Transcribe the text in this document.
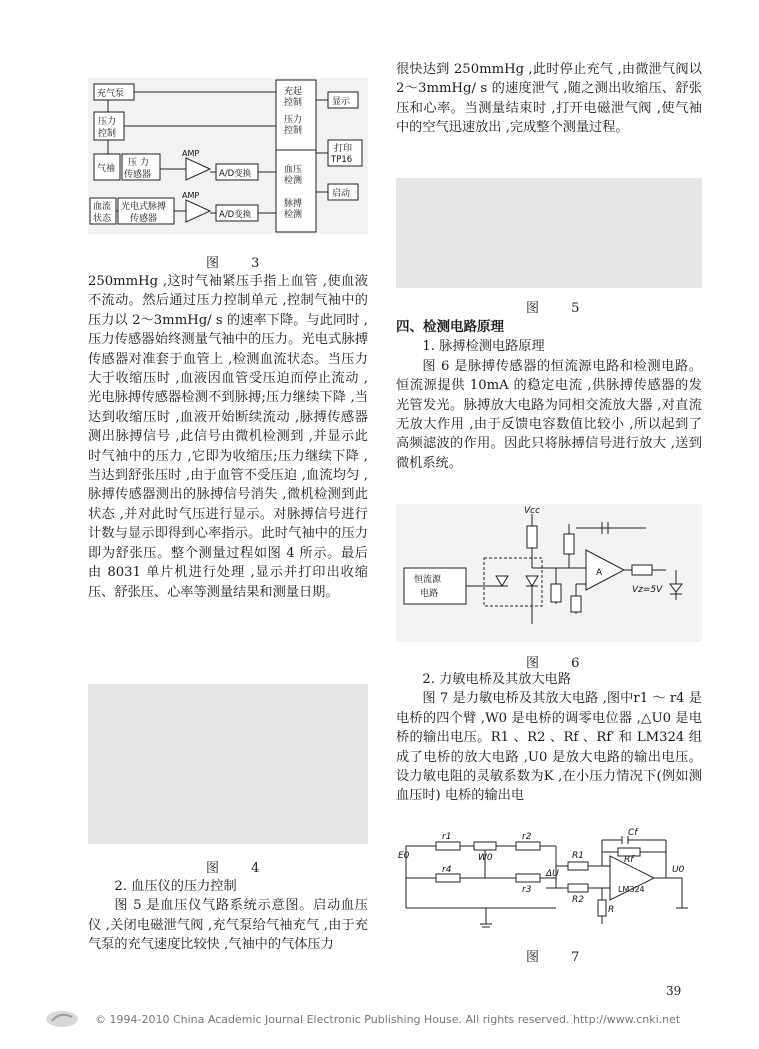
充气泵
压力
控制
气袖
压 力
传感器
AMP
A/D变换
血流
状态
光电式脉搏
传感器
AMP
A/D变换
充起
控制
压力
控制
血压
检测
脉搏
检测
显示
打印
TP16
启动
图 3

250mmHg ,这时气袖紧压手指上血管 ,使血液不流动。然后通过压力控制单元 ,控制气袖中的压力以 2～3mmHg/ s 的速率下降。与此同时 ,压力传感器始终测量气袖中的压力。光电式脉搏传感器对准套于血管上 ,检测血流状态。当压力大于收缩压时 ,血液因血管受压迫而停止流动 ,光电脉搏传感器检测不到脉搏;压力继续下降 ,当达到收缩压时 ,血液开始断续流动 ,脉搏传感器测出脉搏信号 ,此信号由微机检测到 ,并显示此时气袖中的压力 ,它即为收缩压;压力继续下降 ,当达到舒张压时 ,由于血管不受压迫 ,血流均匀 ,脉搏传感器测出的脉搏信号消失 ,微机检测到此状态 ,并对此时气压进行显示。对脉搏信号进行计数与显示即得到心率指示。此时气袖中的压力即为舒张压。整个测量过程如图 4 所示。最后由 8031 单片机进行处理 ,显示并打印出收缩压、舒张压、心率等测量结果和测量日期。

图 4

2. 血压仪的压力控制

图 5 是血压仪气路系统示意图。启动血压仪 ,关闭电磁泄气阀 ,充气泵给气袖充气 ,由于充气泵的充气速度比较快 ,气袖中的气体压力

很快达到 250mmHg ,此时停止充气 ,由微泄气阀以 2～3mmHg/ s 的速度泄气 ,随之测出收缩压、舒张压和心率。当测量结束时 ,打开电磁泄气阀 ,使气袖中的空气迅速放出 ,完成整个测量过程。

图 5

四、检测电路原理

1. 脉搏检测电路原理

图 6 是脉搏传感器的恒流源电路和检测电路。恒流源提供 10mA 的稳定电流 ,供脉搏传感器的发光管发光。脉搏放大电路为同相交流放大器 ,对直流无放大作用 ,由于反馈电容数值比较小 ,所以起到了高频滤波的作用。因此只将脉搏信号进行放大 ,送到微机系统。

Vcc
恒流源
电路
A
Vz=5V
图 6

2. 力敏电桥及其放大电路

图 7 是力敏电桥及其放大电路 ,图中r1 ～ r4 是电桥的四个臂 ,W0 是电桥的调零电位器 ,△U0 是电桥的输出电压。R1 、R2 、Rf 、Rf′ 和 LM324 组成了电桥的放大电路 ,U0 是放大电路的输出电压。设力敏电阻的灵敏系数为K ,在小压力情况下(例如测血压时) 电桥的输出电

E0
r1
W0
r2
r4
r3
ΔU
R1
R2
Rf
Cf
R
LM324
U0
图 7
39
© 1994-2010 China Academic Journal Electronic Publishing House. All rights reserved. http://www.cnki.net
